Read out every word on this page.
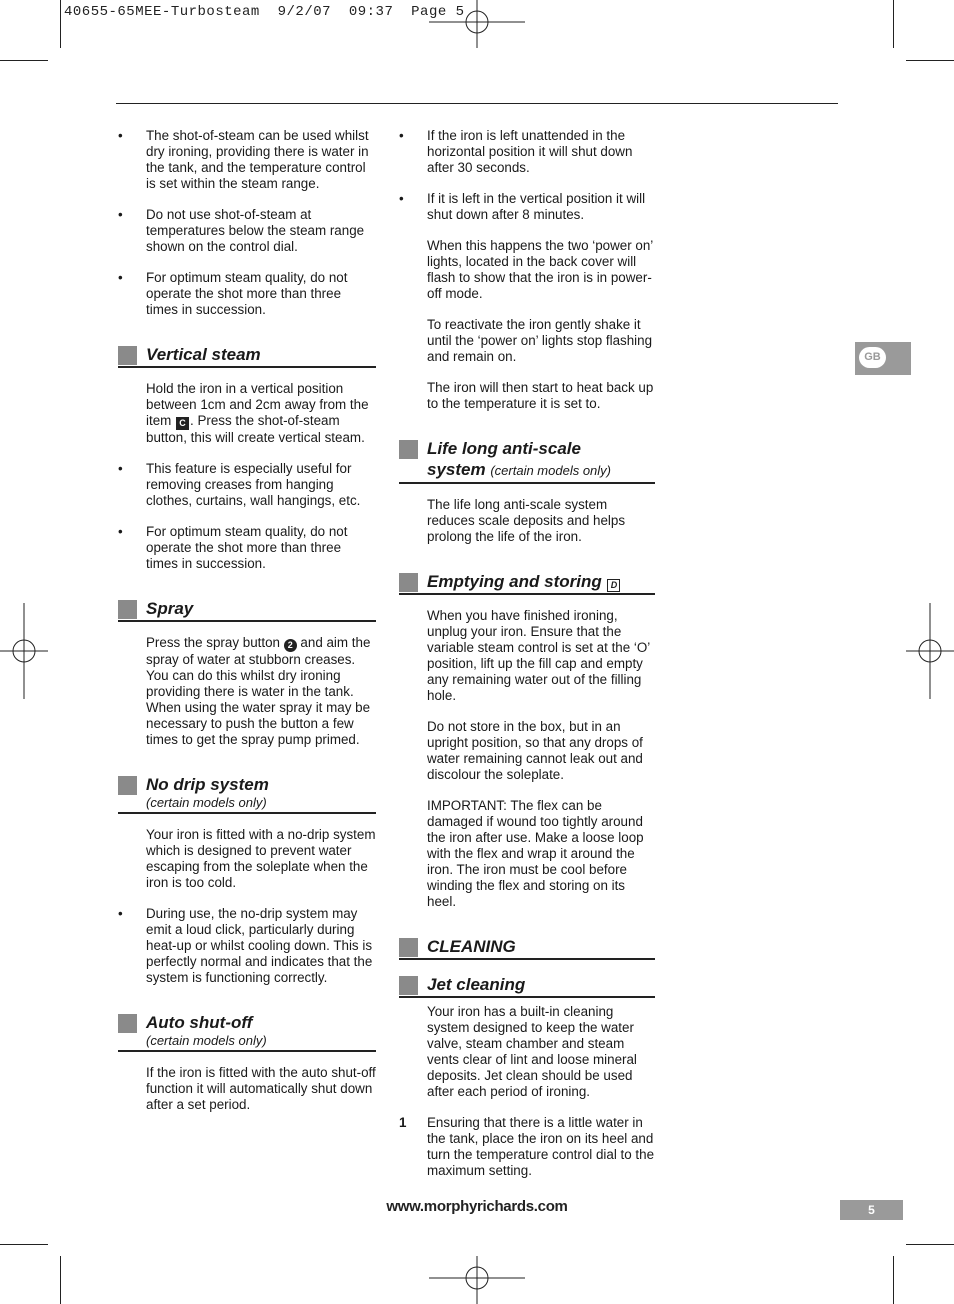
40655-65MEE-Turbosteam  9/2/07  09:37  Page 5
• The shot-of-steam can be used whilst dry ironing, providing there is water in the tank, and the temperature control is set within the steam range.
• Do not use shot-of-steam at temperatures below the steam range shown on the control dial.
• For optimum steam quality, do not operate the shot more than three times in succession.
Vertical steam
Hold the iron in a vertical position between 1cm and 2cm away from the item C . Press the shot-of-steam button, this will create vertical steam.
• This feature is especially useful for removing creases from hanging clothes, curtains, wall hangings, etc.
• For optimum steam quality, do not operate the shot more than three times in succession.
Spray
Press the spray button 2 and aim the spray of water at stubborn creases. You can do this whilst dry ironing providing there is water in the tank. When using the water spray it may be necessary to push the button a few times to get the spray pump primed.
No drip system
(certain models only)
Your iron is fitted with a no-drip system which is designed to prevent water escaping from the soleplate when the iron is too cold.
• During use, the no-drip system may emit a loud click, particularly during heat-up or whilst cooling down. This is perfectly normal and indicates that the system is functioning correctly.
Auto shut-off
(certain models only)
If the iron is fitted with the auto shut-off function it will automatically shut down after a set period.
• If the iron is left unattended in the horizontal position it will shut down after 30 seconds.
• If it is left in the vertical position it will shut down after 8 minutes.
When this happens the two ‘power on’ lights, located in the back cover will flash to show that the iron is in power-off mode.
To reactivate the iron gently shake it until the ‘power on’ lights stop flashing and remain on.
The iron will then start to heat back up to the temperature it is set to.
Life long anti-scale
system (certain models only)
The life long anti-scale system reduces scale deposits and helps prolong the life of the iron.
Emptying and storing D
When you have finished ironing, unplug your iron. Ensure that the variable steam control is set at the ‘O’ position, lift up the fill cap and empty any remaining water out of the filling hole.
Do not store in the box, but in an upright position, so that any drops of water remaining cannot leak out and discolour the soleplate.
IMPORTANT: The flex can be damaged if wound too tightly around the iron after use. Make a loose loop with the flex and wrap it around the iron. The iron must be cool before winding the flex and storing on its heel.
CLEANING
Jet cleaning
Your iron has a built-in cleaning system designed to keep the water valve, steam chamber and steam vents clear of lint and loose mineral deposits. Jet clean should be used after each period of ironing.
1 Ensuring that there is a little water in the tank, place the iron on its heel and turn the temperature control dial to the maximum setting.
GB
www.morphyrichards.com	5
